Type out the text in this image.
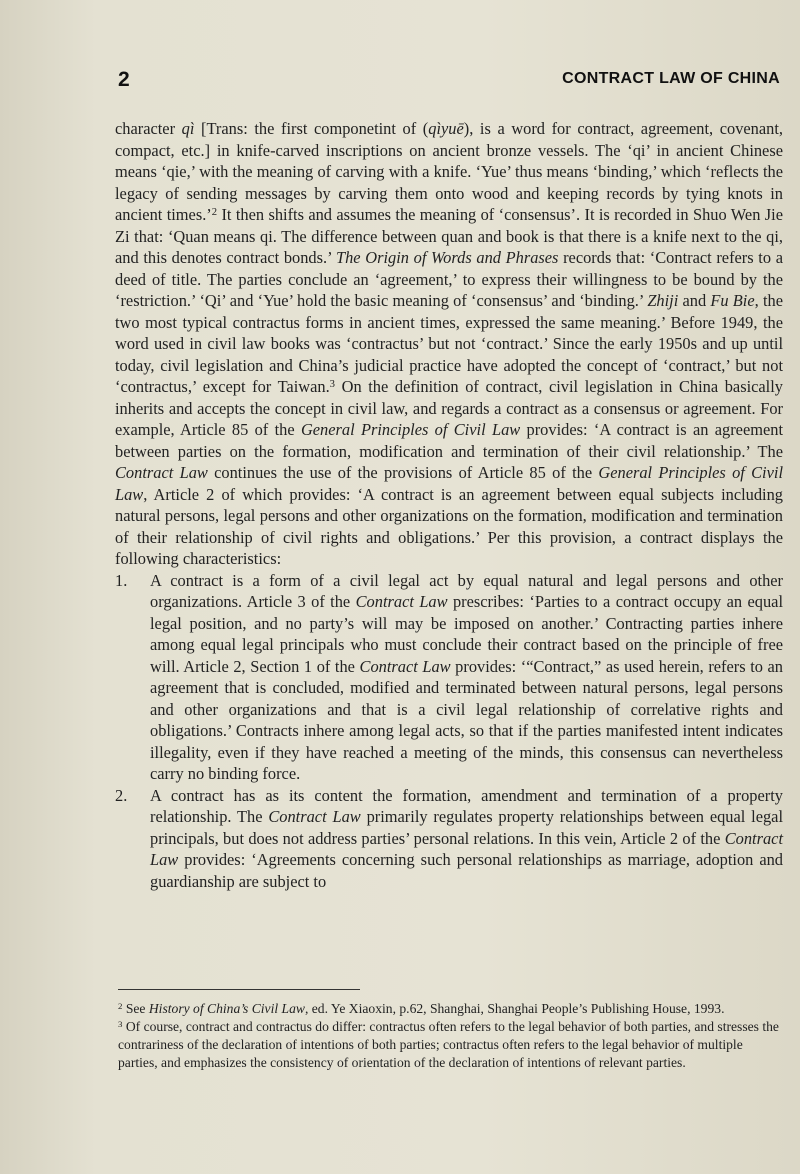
2	CONTRACT LAW OF CHINA

character qì [Trans: the first componetint of (qìyuē), is a word for contract, agreement, covenant, compact, etc.] in knife-carved inscriptions on ancient bronze vessels. The ‘qi’ in ancient Chinese means ‘qie,’ with the meaning of carving with a knife. ‘Yue’ thus means ‘binding,’ which ‘reflects the legacy of sending messages by carving them onto wood and keeping records by tying knots in ancient times.’$^2$ It then shifts and assumes the meaning of ‘consensus’. It is recorded in Shuo Wen Jie Zi that: ‘Quan means qi. The difference between quan and book is that there is a knife next to the qi, and this denotes contract bonds.’ The Origin of Words and Phrases records that: ‘Contract refers to a deed of title. The parties conclude an ‘agreement,’ to express their willingness to be bound by the ‘restriction.’ ‘Qi’ and ‘Yue’ hold the basic meaning of ‘consensus’ and ‘binding.’ Zhiji and Fu Bie, the two most typical contractus forms in ancient times, expressed the same meaning.’ Before 1949, the word used in civil law books was ‘contractus’ but not ‘contract.’ Since the early 1950s and up until today, civil legislation and China’s judicial practice have adopted the concept of ‘contract,’ but not ‘contractus,’ except for Taiwan.$^3$ On the definition of contract, civil legislation in China basically inherits and accepts the concept in civil law, and regards a contract as a consensus or agreement. For example, Article 85 of the General Principles of Civil Law provides: ‘A contract is an agreement between parties on the formation, modification and termination of their civil relationship.’ The Contract Law continues the use of the provisions of Article 85 of the General Principles of Civil Law, Article 2 of which provides: ‘A contract is an agreement between equal subjects including natural persons, legal persons and other organizations on the formation, modification and termination of their relationship of civil rights and obligations.’ Per this provision, a contract displays the following characteristics:

1. A contract is a form of a civil legal act by equal natural and legal persons and other organizations. Article 3 of the Contract Law prescribes: ‘Parties to a contract occupy an equal legal position, and no party’s will may be imposed on another.’ Contracting parties inhere among equal legal principals who must conclude their contract based on the principle of free will. Article 2, Section 1 of the Contract Law provides: ‘“Contract,” as used herein, refers to an agreement that is concluded, modified and terminated between natural persons, legal persons and other organizations and that is a civil legal relationship of correlative rights and obligations.’ Contracts inhere among legal acts, so that if the parties manifested intent indicates illegality, even if they have reached a meeting of the minds, this consensus can nevertheless carry no binding force.
2. A contract has as its content the formation, amendment and termination of a property relationship. The Contract Law primarily regulates property relationships between equal legal principals, but does not address parties’ personal relations. In this vein, Article 2 of the Contract Law provides: ‘Agreements concerning such personal relationships as marriage, adoption and guardianship are subject to

$^2$ See History of China’s Civil Law, ed. Ye Xiaoxin, p.62, Shanghai, Shanghai People’s Publishing House, 1993.

$^3$ Of course, contract and contractus do differ: contractus often refers to the legal behavior of both parties, and stresses the contrariness of the declaration of intentions of both parties; contractus often refers to the legal behavior of multiple parties, and emphasizes the consistency of orientation of the declaration of intentions of relevant parties.
